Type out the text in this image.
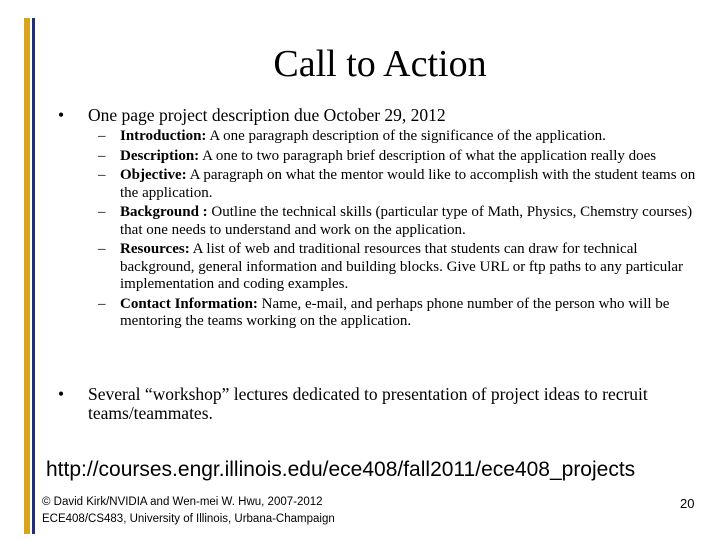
Call to Action
• One page project description due October 29, 2012
– Introduction: A one paragraph description of the significance of the application.
– Description: A one to two paragraph brief description of what the application really does
– Objective: A paragraph on what the mentor would like to accomplish with the student teams on the application.
– Background : Outline the technical skills (particular type of Math, Physics, Chemstry courses) that one needs to understand and work on the application.
– Resources: A list of web and traditional resources that students can draw for technical background, general information and building blocks. Give URL or ftp paths to any particular implementation and coding examples.
– Contact Information: Name, e-mail, and perhaps phone number of the person who will be mentoring the teams working on the application.
• Several “workshop” lectures dedicated to presentation of project ideas to recruit teams/teammates.
http://courses.engr.illinois.edu/ece408/fall2011/ece408_projects
© David Kirk/NVIDIA and Wen-mei W. Hwu, 2007-2012
ECE408/CS483, University of Illinois, Urbana-Champaign
20
